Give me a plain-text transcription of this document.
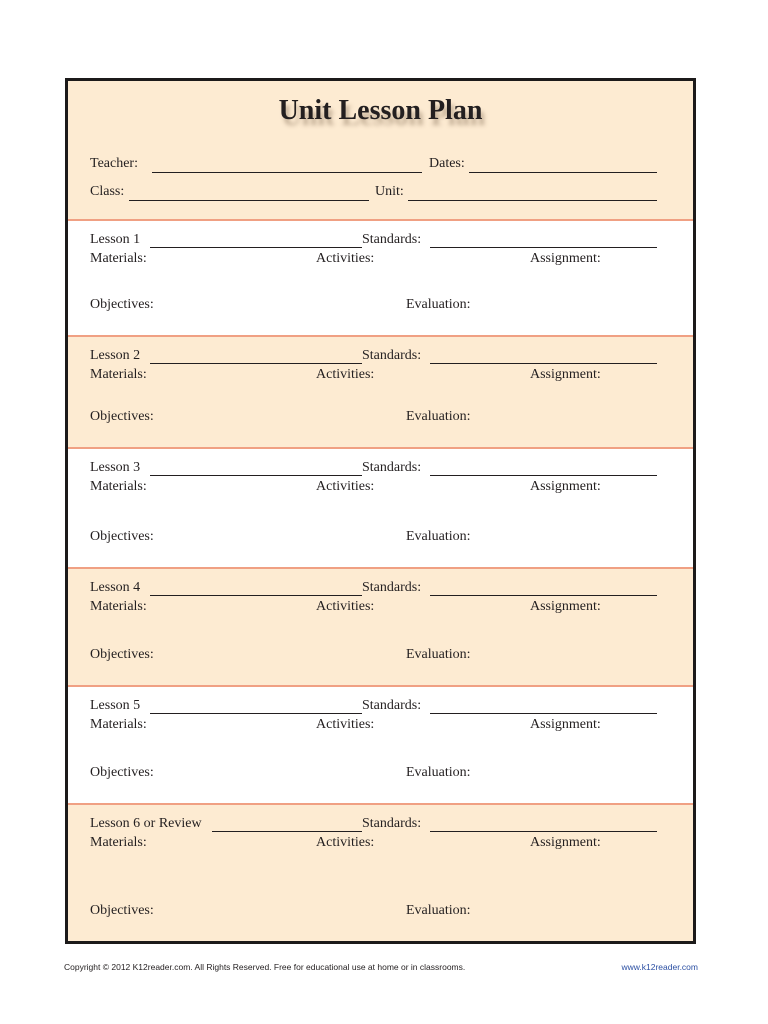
Unit Lesson Plan
Teacher:	Dates:
Class:	Unit:
Lesson 1	Standards:
Materials:	Activities:	Assignment:
Objectives:	Evaluation:
Lesson 2	Standards:
Materials:	Activities:	Assignment:
Objectives:	Evaluation:
Lesson 3	Standards:
Materials:	Activities:	Assignment:
Objectives:	Evaluation:
Lesson 4	Standards:
Materials:	Activities:	Assignment:
Objectives:	Evaluation:
Lesson 5	Standards:
Materials:	Activities:	Assignment:
Objectives:	Evaluation:
Lesson 6 or Review	Standards:
Materials:	Activities:	Assignment:
Objectives:	Evaluation:
Copyright © 2012 K12reader.com. All Rights Reserved. Free for educational use at home or in classrooms.	www.k12reader.com
